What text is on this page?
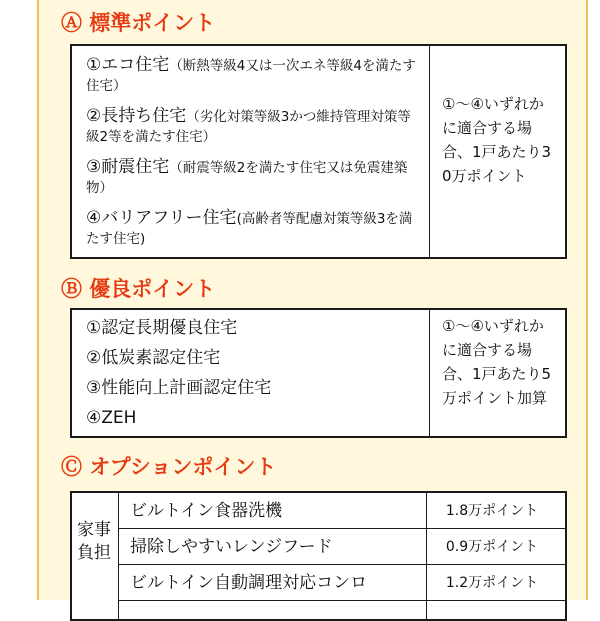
Ⓐ 標準ポイント
①エコ住宅（断熱等級4又は一次エネ等級4を満たす住宅）
②長持ち住宅（劣化対策等級3かつ維持管理対策等級2等を満たす住宅）
③耐震住宅（耐震等級2を満たす住宅又は免震建築物）
④バリアフリー住宅(高齢者等配慮対策等級3を満たす住宅)
①～④いずれかに適合する場合、1戸あたり30万ポイント
Ⓑ 優良ポイント
①認定長期優良住宅
②低炭素認定住宅
③性能向上計画認定住宅
④ZEH
①～④いずれかに適合する場合、1戸あたり5万ポイント加算
Ⓒ オプションポイント
家事負担
ビルトイン食器洗機	1.8万ポイント
掃除しやすいレンジフード	0.9万ポイント
ビルトイン自動調理対応コンロ	1.2万ポイント
